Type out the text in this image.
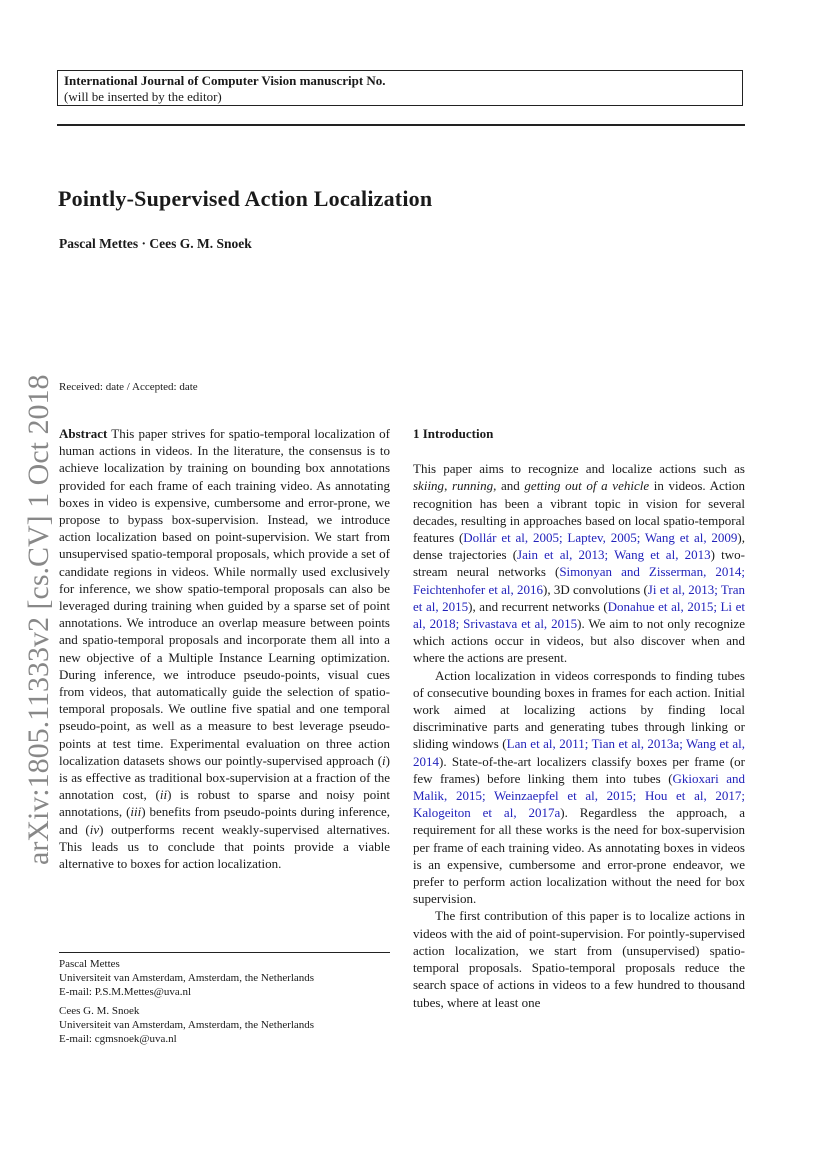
International Journal of Computer Vision manuscript No.
(will be inserted by the editor)
Pointly-Supervised Action Localization
Pascal Mettes · Cees G. M. Snoek
arXiv:1805.11333v2 [cs.CV] 1 Oct 2018 Received: date / Accepted: date

Abstract This paper strives for spatio-temporal localization of human actions in videos. In the literature, the consensus is to achieve localization by training on bounding box annotations provided for each frame of each training video. As annotating boxes in video is expensive, cumbersome and error-prone, we propose to bypass box-supervision. Instead, we introduce action localization based on point-supervision. We start from unsupervised spatio-temporal proposals, which provide a set of candidate regions in videos. While normally used exclusively for inference, we show spatio-temporal proposals can also be leveraged during training when guided by a sparse set of point annotations. We introduce an overlap measure between points and spatio-temporal proposals and incorporate them all into a new objective of a Multiple Instance Learning optimization. During inference, we introduce pseudo-points, visual cues from videos, that automatically guide the selection of spatio-temporal proposals. We outline five spatial and one temporal pseudo-point, as well as a measure to best leverage pseudo-points at test time. Experimental evaluation on three action localization datasets shows our pointly-supervised approach (i) is as effective as traditional box-supervision at a fraction of the annotation cost, (ii) is robust to sparse and noisy point annotations, (iii) benefits from pseudo-points during inference, and (iv) outperforms recent weakly-supervised alternatives. This leads us to conclude that points provide a viable alternative to boxes for action localization.

Pascal Mettes
Universiteit van Amsterdam, Amsterdam, the Netherlands
E-mail: P.S.M.Mettes@uva.nl
Cees G. M. Snoek
Universiteit van Amsterdam, Amsterdam, the Netherlands
E-mail: cgmsnoek@uva.nl

1 Introduction

This paper aims to recognize and localize actions such as skiing, running, and getting out of a vehicle in videos. Action recognition has been a vibrant topic in vision for several decades, resulting in approaches based on local spatio-temporal features (Dollár et al, 2005; Laptev, 2005; Wang et al, 2009), dense trajectories (Jain et al, 2013; Wang et al, 2013) two-stream neural networks (Simonyan and Zisserman, 2014; Feichtenhofer et al, 2016), 3D convolutions (Ji et al, 2013; Tran et al, 2015), and recurrent networks (Donahue et al, 2015; Li et al, 2018; Srivastava et al, 2015). We aim to not only recognize which actions occur in videos, but also discover when and where the actions are present.

Action localization in videos corresponds to finding tubes of consecutive bounding boxes in frames for each action. Initial work aimed at localizing actions by finding local discriminative parts and generating tubes through linking or sliding windows (Lan et al, 2011; Tian et al, 2013a; Wang et al, 2014). State-of-the-art localizers classify boxes per frame (or few frames) before linking them into tubes (Gkioxari and Malik, 2015; Weinzaepfel et al, 2015; Hou et al, 2017; Kalogeiton et al, 2017a). Regardless the approach, a requirement for all these works is the need for box-supervision per frame of each training video. As annotating boxes in videos is an expensive, cumbersome and error-prone endeavor, we prefer to perform action localization without the need for box supervision.

The first contribution of this paper is to localize actions in videos with the aid of point-supervision. For pointly-supervised action localization, we start from (unsupervised) spatio-temporal proposals. Spatio-temporal proposals reduce the search space of actions in videos to a few hundred to thousand tubes, where at least one
